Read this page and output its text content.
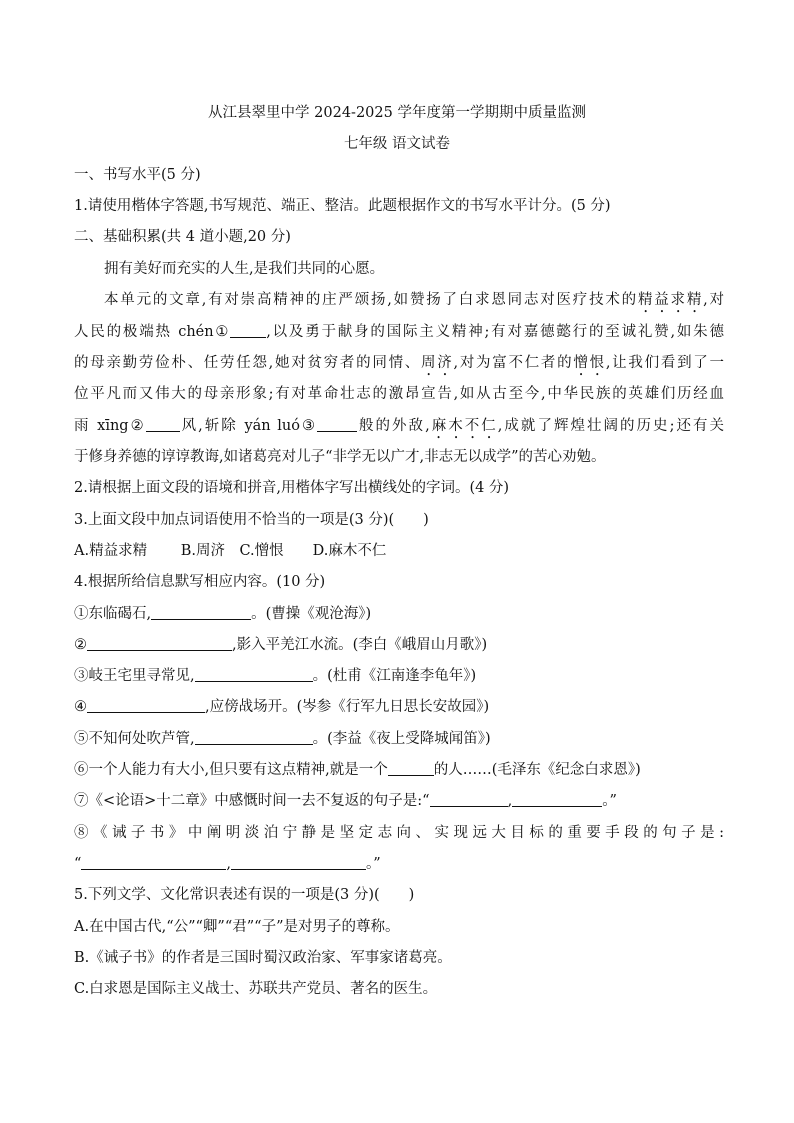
从江县翠里中学 2024-2025 学年度第一学期期中质量监测
七年级 语文试卷
一、书写水平(5 分)
1.请使用楷体字答题,书写规范、端正、整洁。此题根据作文的书写水平计分。(5 分)
二、基础积累(共 4 道小题,20 分)
拥有美好而充实的人生,是我们共同的心愿。
本单元的文章,有对崇高精神的庄严颂扬,如赞扬了白求恩同志对医疗技术的精益求精,对
人民的极端热 chén① ,以及勇于献身的国际主义精神;有对嘉德懿行的至诚礼赞,如朱德
的母亲勤劳俭朴、任劳任怨,她对贫穷者的同情、周济,对为富不仁者的憎恨,让我们看到了一
位平凡而又伟大的母亲形象;有对革命壮志的激昂宣告,如从古至今,中华民族的英雄们历经血
雨 xīng② 风,斩除 yán luó③	般的外敌,麻木不仁,成就了辉煌壮阔的历史;还有关
于修身养德的谆谆教诲,如诸葛亮对儿子“非学无以广才,非志无以成学”的苦心劝勉。
2.请根据上面文段的语境和拼音,用楷体字写出横线处的字词。(4 分)
3.上面文段中加点词语使用不恰当的一项是(3 分)(　　)
A.精益求精　　 B.周济　C.憎恨　　D.麻木不仁
4.根据所给信息默写相应内容。(10 分)
①东临碣石,	。(曹操《观沧海》)
②	,影入平羌江水流。(李白《峨眉山月歌》)
③岐王宅里寻常见,	。(杜甫《江南逢李龟年》)
④	,应傍战场开。(岑参《行军九日思长安故园》)
⑤不知何处吹芦管,	。(李益《夜上受降城闻笛》)
⑥一个人能力有大小,但只要有这点精神,就是一个	的人……(毛泽东《纪念白求恩》)
⑦《<论语>十二章》中感慨时间一去不复返的句子是:“	,	。”
⑧《诫子书》中阐明淡泊宁静是坚定志向、实现远大目标的重要手段的句子是:
“	,	。”
5.下列文学、文化常识表述有误的一项是(3 分)(　　)
A.在中国古代,“公”“卿”“君”“子”是对男子的尊称。
B.《诫子书》的作者是三国时蜀汉政治家、军事家诸葛亮。
C.白求恩是国际主义战士、苏联共产党员、著名的医生。
